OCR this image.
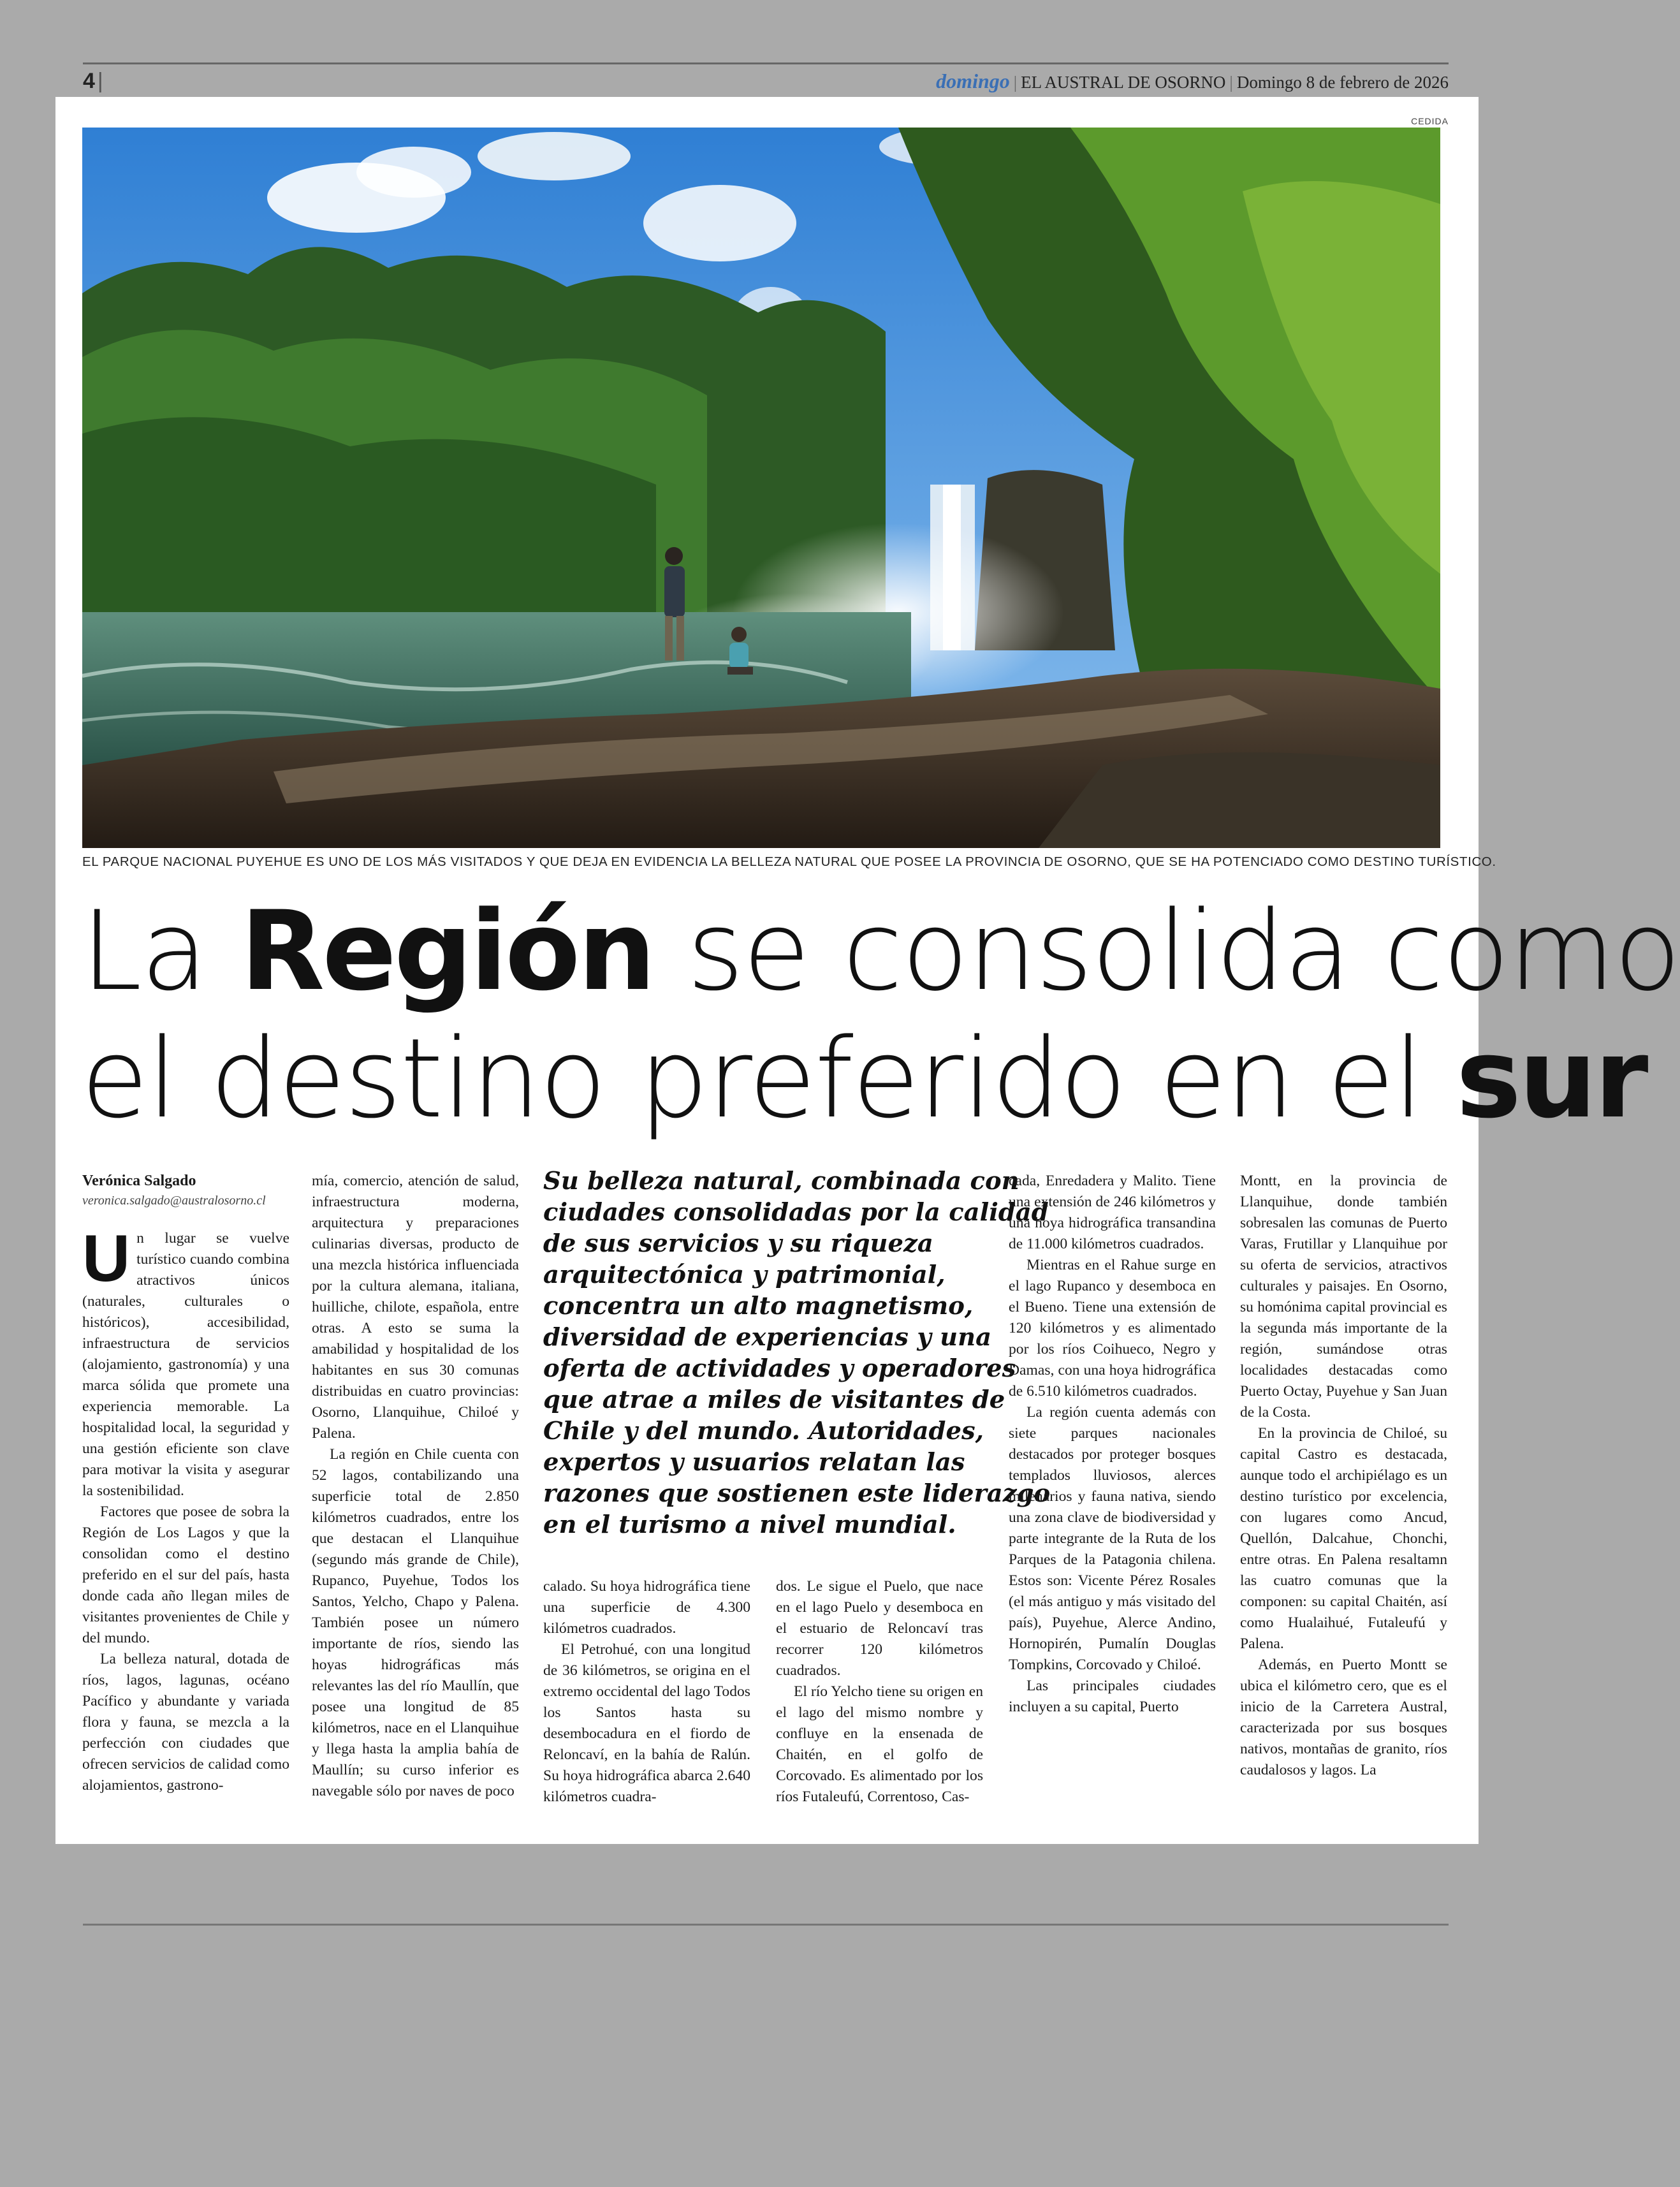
4 |	domingo | EL AUSTRAL DE OSORNO | Domingo 8 de febrero de 2026
CEDIDA
EL PARQUE NACIONAL PUYEHUE ES UNO DE LOS MÁS VISITADOS Y QUE DEJA EN EVIDENCIA LA BELLEZA NATURAL QUE POSEE LA PROVINCIA DE OSORNO, QUE SE HA POTENCIADO COMO DESTINO TURÍSTICO.
La Región se consolida como
el destino preferido en el sur

Verónica Salgado

veronica.salgado@australosorno.cl

Un lugar se vuelve turístico cuando combina atractivos únicos (naturales, culturales o históricos), accesibilidad, infraestructura de servicios (alojamiento, gastronomía) y una marca sólida que promete una experiencia memorable. La hospitalidad local, la seguridad y una gestión eficiente son clave para motivar la visita y asegurar la sostenibilidad.

Factores que posee de sobra la Región de Los Lagos y que la consolidan como el destino preferido en el sur del país, hasta donde cada año llegan miles de visitantes provenientes de Chile y del mundo.

La belleza natural, dotada de ríos, lagos, lagunas, océano Pacífico y abundante y variada flora y fauna, se mezcla a la perfección con ciudades que ofrecen servicios de calidad como alojamientos, gastrono-

mía, comercio, atención de salud, infraestructura moderna, arquitectura y preparaciones culinarias diversas, producto de una mezcla histórica influenciada por la cultura alemana, italiana, huilliche, chilote, española, entre otras. A esto se suma la amabilidad y hospitalidad de los habitantes en sus 30 comunas distribuidas en cuatro provincias: Osorno, Llanquihue, Chiloé y Palena.

La región en Chile cuenta con 52 lagos, contabilizando una superficie total de 2.850 kilómetros cuadrados, entre los que destacan el Llanquihue (segundo más grande de Chile), Rupanco, Puyehue, Todos los Santos, Yelcho, Chapo y Palena. También posee un número importante de ríos, siendo las hoyas hidrográficas más relevantes las del río Maullín, que posee una longitud de 85 kilómetros, nace en el Llanquihue y llega hasta la amplia bahía de Maullín; su curso inferior es navegable sólo por naves de poco

Su belleza natural, combinada con ciudades consolidadas por la calidad de sus servicios y su riqueza arquitectónica y patrimonial, concentra un alto magnetismo, diversidad de experiencias y una oferta de actividades y operadores que atrae a miles de visitantes de Chile y del mundo. Autoridades, expertos y usuarios relatan las razones que sostienen este liderazgo en el turismo a nivel mundial.

calado. Su hoya hidrográfica tiene una superficie de 4.300 kilómetros cuadrados.

El Petrohué, con una longitud de 36 kilómetros, se origina en el extremo occidental del lago Todos los Santos hasta su desembocadura en el fiordo de Reloncaví, en la bahía de Ralún. Su hoya hidrográfica abarca 2.640 kilómetros cuadra-

dos. Le sigue el Puelo, que nace en el lago Puelo y desemboca en el estuario de Reloncaví tras recorrer 120 kilómetros cuadrados.

El río Yelcho tiene su origen en el lago del mismo nombre y confluye en la ensenada de Chaitén, en el golfo de Corcovado. Es alimentado por los ríos Futaleufú, Correntoso, Cas-

cada, Enredadera y Malito. Tiene una extensión de 246 kilómetros y una hoya hidrográfica transandina de 11.000 kilómetros cuadrados.

Mientras en el Rahue surge en el lago Rupanco y desemboca en el Bueno. Tiene una extensión de 120 kilómetros y es alimentado por los ríos Coihueco, Negro y Damas, con una hoya hidrográfica de 6.510 kilómetros cuadrados.

La región cuenta además con siete parques nacionales destacados por proteger bosques templados lluviosos, alerces milenarios y fauna nativa, siendo una zona clave de biodiversidad y parte integrante de la Ruta de los Parques de la Patagonia chilena. Estos son: Vicente Pérez Rosales (el más antiguo y más visitado del país), Puyehue, Alerce Andino, Hornopirén, Pumalín Douglas Tompkins, Corcovado y Chiloé.

Las principales ciudades incluyen a su capital, Puerto

Montt, en la provincia de Llanquihue, donde también sobresalen las comunas de Puerto Varas, Frutillar y Llanquihue por su oferta de servicios, atractivos culturales y paisajes. En Osorno, su homónima capital provincial es la segunda más importante de la región, sumándose otras localidades destacadas como Puerto Octay, Puyehue y San Juan de la Costa.

En la provincia de Chiloé, su capital Castro es destacada, aunque todo el archipiélago es un destino turístico por excelencia, con lugares como Ancud, Quellón, Dalcahue, Chonchi, entre otras. En Palena resaltamn las cuatro comunas que la componen: su capital Chaitén, así como Hualaihué, Futaleufú y Palena.

Además, en Puerto Montt se ubica el kilómetro cero, que es el inicio de la Carretera Austral, caracterizada por sus bosques nativos, montañas de granito, ríos caudalosos y lagos. La
